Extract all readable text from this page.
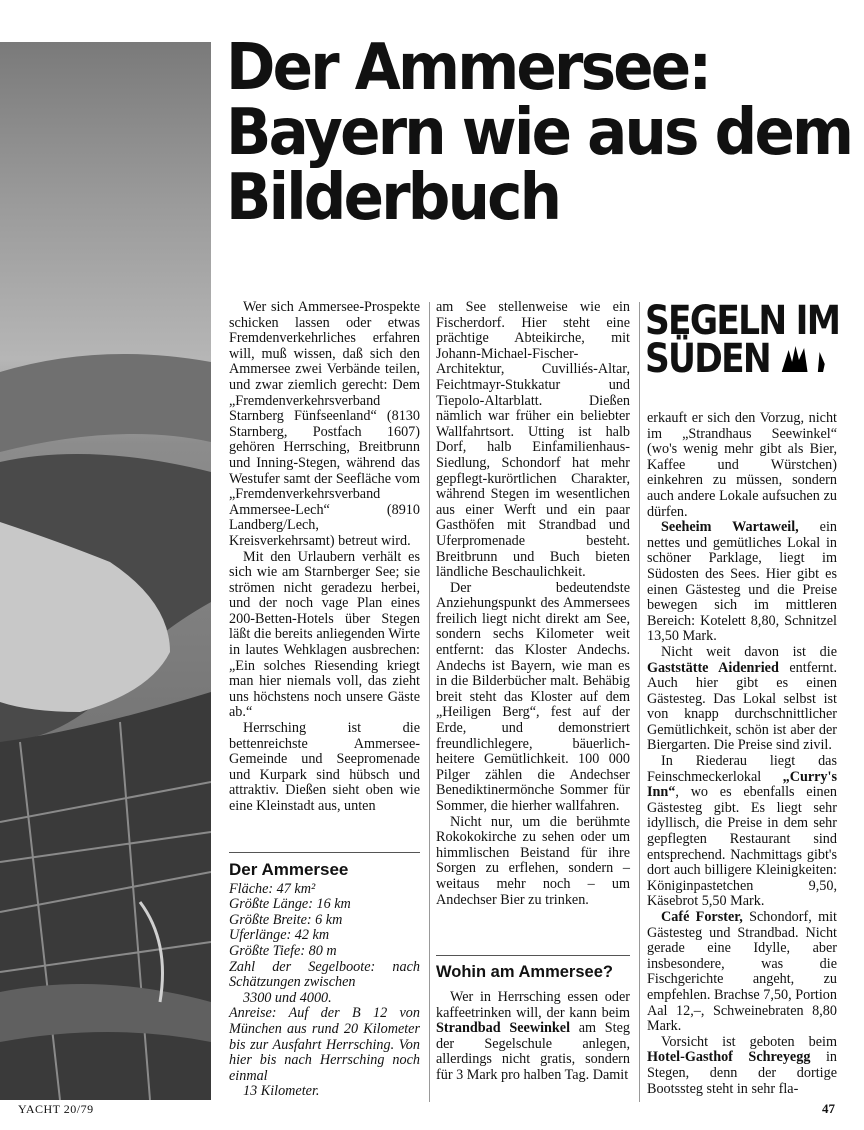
Der Ammersee:
Bayern wie aus dem
Bilderbuch

Wer sich Ammersee-Prospekte schicken lassen oder etwas Fremdenverkehrliches erfahren will, muß wissen, daß sich den Ammersee zwei Verbände teilen, und zwar ziemlich gerecht: Dem „Fremdenverkehrsverband Starnberg Fünfseenland“ (8130 Starnberg, Postfach 1607) gehören Herrsching, Breitbrunn und Inning-Stegen, während das Westufer samt der Seefläche vom „Fremdenverkehrsverband Ammersee-Lech“ (8910 Landberg/Lech, Kreisverkehrsamt) betreut wird.

Mit den Urlaubern verhält es sich wie am Starnberger See; sie strömen nicht geradezu herbei, und der noch vage Plan eines 200-Betten-Hotels über Stegen läßt die bereits anliegenden Wirte in lautes Wehklagen ausbrechen: „Ein solches Riesending kriegt man hier niemals voll, das zieht uns höchstens noch unsere Gäste ab.“

Herrsching ist die bettenreichste Ammersee-Gemeinde und Seepromenade und Kurpark sind hübsch und attraktiv. Dießen sieht oben wie eine Kleinstadt aus, unten

Der Ammersee

Fläche: 47 km²

Größte Länge: 16 km

Größte Breite: 6 km

Uferlänge: 42 km

Größte Tiefe: 80 m

Zahl der Segelboote: nach Schätzungen zwischen

3300 und 4000.

Anreise: Auf der B 12 von München aus rund 20 Kilometer bis zur Ausfahrt Herrsching. Von hier bis nach Herrsching noch einmal

13 Kilometer.

am See stellenweise wie ein Fischerdorf. Hier steht eine prächtige Abteikirche, mit Johann-Michael-Fischer-Architektur, Cuvilliés-Altar, Feichtmayr-Stukkatur und Tiepolo-Altarblatt. Dießen nämlich war früher ein beliebter Wallfahrtsort. Utting ist halb Dorf, halb Einfamilienhaus-Siedlung, Schondorf hat mehr gepflegt-kurörtlichen Charakter, während Stegen im wesentlichen aus einer Werft und ein paar Gasthöfen mit Strandbad und Uferpromenade besteht. Breitbrunn und Buch bieten ländliche Beschaulichkeit.

Der bedeutendste Anziehungspunkt des Ammersees freilich liegt nicht direkt am See, sondern sechs Kilometer weit entfernt: das Kloster Andechs. Andechs ist Bayern, wie man es in die Bilderbücher malt. Behäbig breit steht das Kloster auf dem „Heiligen Berg“, fest auf der Erde, und demonstriert freundlichlegere, bäuerlich-heitere Gemütlichkeit. 100 000 Pilger zählen die Andechser Benediktinermönche Sommer für Sommer, die hierher wallfahren.

Nicht nur, um die berühmte Rokokokirche zu sehen oder um himmlischen Beistand für ihre Sorgen zu erflehen, sondern – weitaus mehr noch – um Andechser Bier zu trinken.

Wohin am Ammersee?

Wer in Herrsching essen oder kaffeetrinken will, der kann beim Strandbad Seewinkel am Steg der Segelschule anlegen, allerdings nicht gratis, sondern für 3 Mark pro halben Tag. Damit

SEGELN IM
SÜDEN

erkauft er sich den Vorzug, nicht im „Strandhaus Seewinkel“ (wo's wenig mehr gibt als Bier, Kaffee und Würstchen) einkehren zu müssen, sondern auch andere Lokale aufsuchen zu dürfen.

Seeheim Wartaweil, ein nettes und gemütliches Lokal in schöner Parklage, liegt im Südosten des Sees. Hier gibt es einen Gästesteg und die Preise bewegen sich im mittleren Bereich: Kotelett 8,80, Schnitzel 13,50 Mark.

Nicht weit davon ist die Gaststätte Aidenried entfernt. Auch hier gibt es einen Gästesteg. Das Lokal selbst ist von knapp durchschnittlicher Gemütlichkeit, schön ist aber der Biergarten. Die Preise sind zivil.

In Riederau liegt das Feinschmeckerlokal „Curry's Inn“, wo es ebenfalls einen Gästesteg gibt. Es liegt sehr idyllisch, die Preise in dem sehr gepflegten Restaurant sind entsprechend. Nachmittags gibt's dort auch billigere Kleinigkeiten: Königinpastetchen 9,50, Käsebrot 5,50 Mark.

Café Forster, Schondorf, mit Gästesteg und Strandbad. Nicht gerade eine Idylle, aber insbesondere, was die Fischgerichte angeht, zu empfehlen. Brachse 7,50, Portion Aal 12,–, Schweinebraten 8,80 Mark.

Vorsicht ist geboten beim Hotel-Gasthof Schreyegg in Stegen, denn der dortige Bootssteg steht in sehr fla-

YACHT 20/79	47
